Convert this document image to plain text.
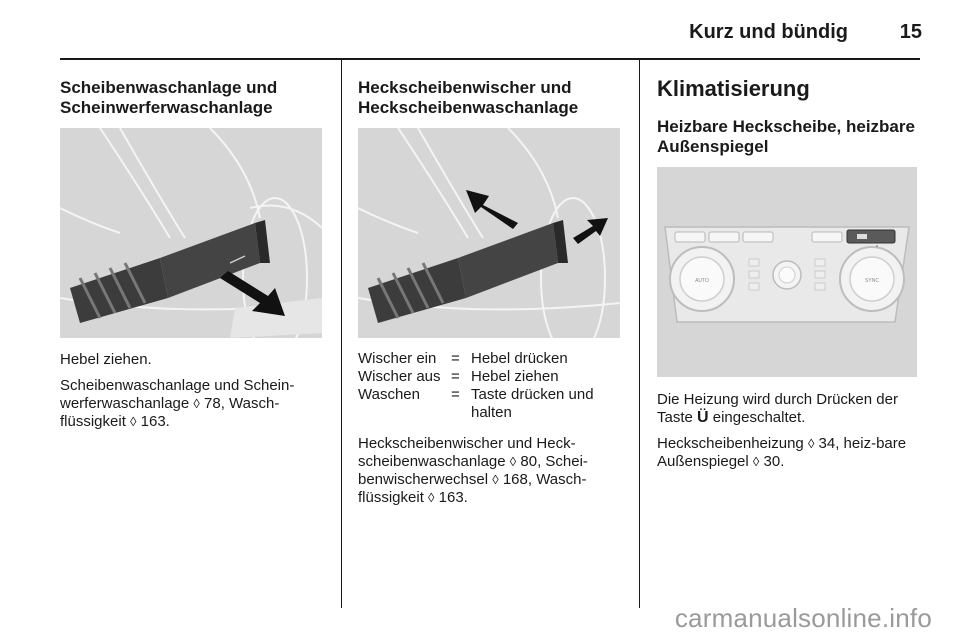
Kurz und bündig	15
Scheibenwaschanlage und Scheinwerferwaschanlage

Hebel ziehen.

Scheibenwaschanlage und Schein-werferwaschanlage ◊ 78, Wasch-flüssigkeit ◊ 163.

Heckscheibenwischer und Heckscheibenwaschanlage
Wischer ein = Hebel drücken
Wischer aus = Hebel ziehen
Waschen	= Taste drücken und halten

Heckscheibenwischer und Heck-scheibenwaschanlage ◊ 80, Schei-benwischerwechsel ◊ 168, Wasch-flüssigkeit ◊ 163.

Klimatisierung
Heizbare Heckscheibe, heizbare Außenspiegel
AUTO	SYNC

Die Heizung wird durch Drücken der Taste Ü eingeschaltet.

Heckscheibenheizung ◊ 34, heiz-bare Außenspiegel ◊ 30.

carmanualsonline.info
